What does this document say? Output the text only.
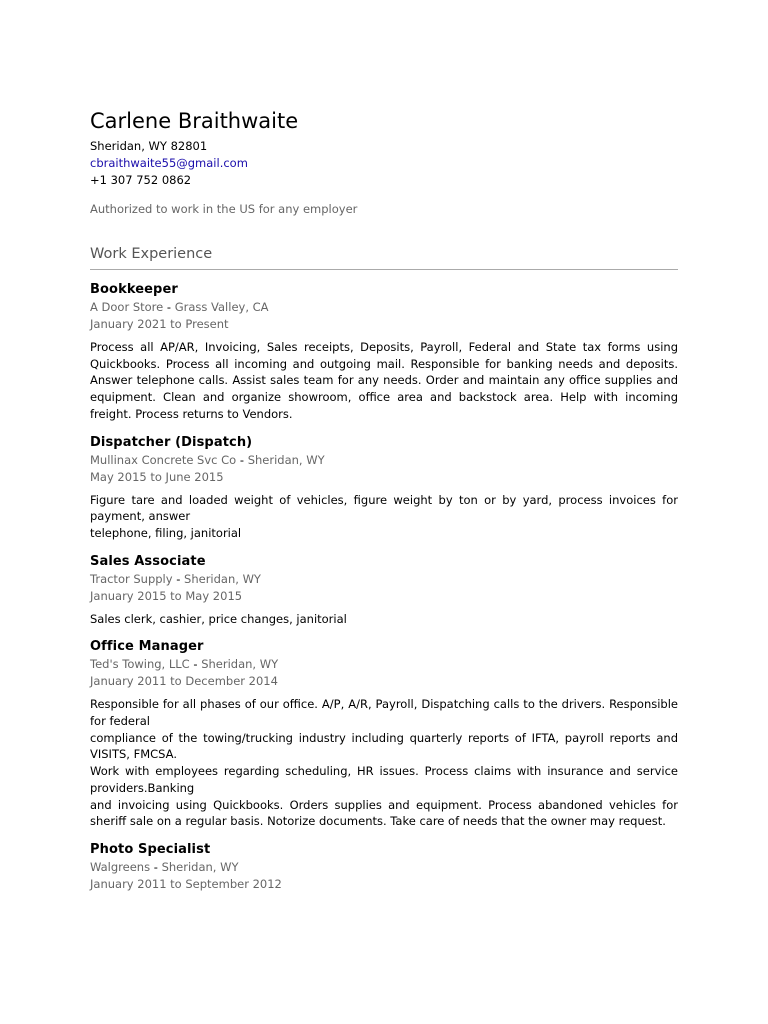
Carlene Braithwaite
Sheridan, WY 82801
cbraithwaite55@gmail.com
+1 307 752 0862
Authorized to work in the US for any employer
Work Experience
Bookkeeper
A Door Store - Grass Valley, CA
January 2021 to Present
Process all AP/AR, Invoicing, Sales receipts, Deposits, Payroll, Federal and State tax forms using Quickbooks. Process all incoming and outgoing mail. Responsible for banking needs and deposits. Answer telephone calls. Assist sales team for any needs. Order and maintain any office supplies and equipment. Clean and organize showroom, office area and backstock area. Help with incoming freight. Process returns to Vendors.
Dispatcher (Dispatch)
Mullinax Concrete Svc Co - Sheridan, WY
May 2015 to June 2015
Figure tare and loaded weight of vehicles, figure weight by ton or by yard, process invoices for payment, answer
telephone, filing, janitorial
Sales Associate
Tractor Supply - Sheridan, WY
January 2015 to May 2015
Sales clerk, cashier, price changes, janitorial
Office Manager
Ted's Towing, LLC - Sheridan, WY
January 2011 to December 2014
Responsible for all phases of our office. A/P, A/R, Payroll, Dispatching calls to the drivers. Responsible for federal
compliance of the towing/trucking industry including quarterly reports of IFTA, payroll reports and VISITS, FMCSA.
Work with employees regarding scheduling, HR issues. Process claims with insurance and service providers.Banking
and invoicing using Quickbooks. Orders supplies and equipment. Process abandoned vehicles for sheriff sale on a regular basis. Notorize documents. Take care of needs that the owner may request.
Photo Specialist
Walgreens - Sheridan, WY
January 2011 to September 2012
